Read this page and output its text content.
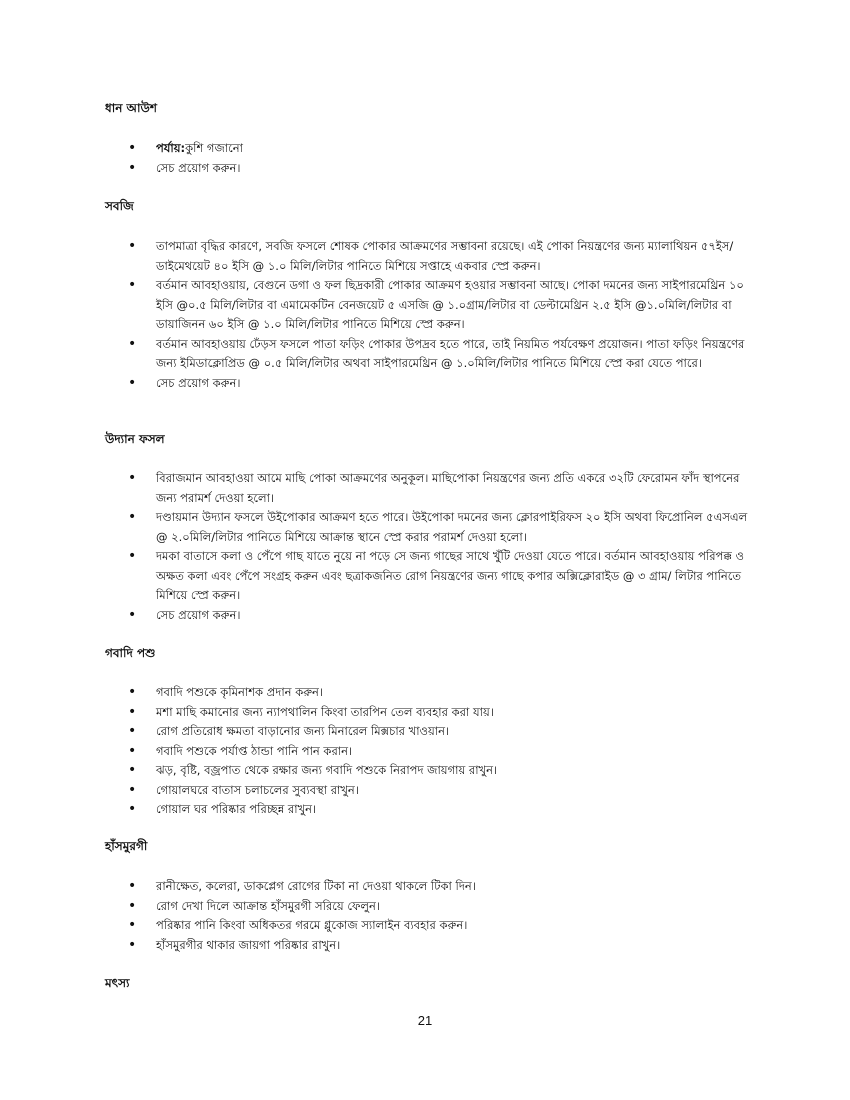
ধান আউশ
• পর্যায়:কুশি গজানো
• সেচ প্রয়োগ করুন।
সবজি
• তাপমাত্রা বৃদ্ধির কারণে, সবজি ফসলে শোষক পোকার আক্রমণের সম্ভাবনা রয়েছে। এই পোকা নিয়ন্ত্রণের জন্য ম্যালাথিয়ন ৫৭ইস/ডাইমেথয়েট ৪০ ইসি @ ১.০ মিলি/লিটার পানিতে মিশিয়ে সপ্তাহে একবার স্প্রে করুন।
• বর্তমান আবহাওয়ায়, বেগুনে ডগা ও ফল ছিদ্রকারী পোকার আক্রমণ হওয়ার সম্ভাবনা আছে। পোকা দমনের জন্য সাইপারমেথ্রিন ১০ ইসি @০.৫ মিলি/লিটার বা এমামেকটিন বেনজয়েট ৫ এসজি @ ১.০গ্রাম/লিটার বা ডেল্টামেথ্রিন ২.৫ ইসি @১.০মিলি/লিটার বা ডায়াজিনন ৬০ ইসি @ ১.০ মিলি/লিটার পানিতে মিশিয়ে স্প্রে করুন।
• বর্তমান আবহাওয়ায় ঢেঁড়স ফসলে পাতা ফড়িং পোকার উপদ্রব হতে পারে, তাই নিয়মিত পর্যবেক্ষণ প্রয়োজন। পাতা ফড়িং নিয়ন্ত্রণের জন্য ইমিডাক্লোপ্রিড @ ০.৫ মিলি/লিটার অথবা সাইপারমেথ্রিন @ ১.০মিলি/লিটার পানিতে মিশিয়ে স্প্রে করা যেতে পারে।
• সেচ প্রয়োগ করুন।
উদ্যান ফসল
• বিরাজমান আবহাওয়া আমে মাছি পোকা আক্রমণের অনুকূল। মাছিপোকা নিয়ন্ত্রণের জন্য প্রতি একরে ৩২টি ফেরোমন ফাঁদ স্থাপনের জন্য পরামর্শ দেওয়া হলো।
• দণ্ডায়মান উদ্যান ফসলে উইপোকার আক্রমণ হতে পারে। উইপোকা দমনের জন্য ক্লোরপাইরিফস ২০ ইসি অথবা ফিপ্রোনিল ৫এসএল @ ২.০মিলি/লিটার পানিতে মিশিয়ে আক্রান্ত স্থানে স্প্রে করার পরামর্শ দেওয়া হলো।
• দমকা বাতাসে কলা ও পেঁপে গাছ যাতে নুয়ে না পড়ে সে জন্য গাছের সাথে খুঁটি দেওয়া যেতে পারে। বর্তমান আবহাওয়ায় পরিপক্ক ও অক্ষত কলা এবং পেঁপে সংগ্রহ করুন এবং ছত্রাকজনিত রোগ নিয়ন্ত্রণের জন্য গাছে কপার অক্সিক্লোরাইড @ ৩ গ্রাম/ লিটার পানিতে মিশিয়ে স্প্রে করুন।
• সেচ প্রয়োগ করুন।
গবাদি পশু
• গবাদি পশুকে কৃমিনাশক প্রদান করুন।
• মশা মাছি কমানোর জন্য ন্যাপথালিন কিংবা তারপিন তেল ব্যবহার করা যায়।
• রোগ প্রতিরোধ ক্ষমতা বাড়ানোর জন্য মিনারেল মিক্সচার খাওয়ান।
• গবাদি পশুকে পর্যাপ্ত ঠান্ডা পানি পান করান।
• ঝড়, বৃষ্টি, বজ্রপাত থেকে রক্ষার জন্য গবাদি পশুকে নিরাপদ জায়গায় রাখুন।
• গোয়ালঘরে বাতাস চলাচলের সুব্যবস্থা রাখুন।
• গোয়াল ঘর পরিষ্কার পরিচ্ছন্ন রাখুন।
হাঁসমুরগী
• রানীক্ষেত, কলেরা, ডাকপ্লেগ রোগের টিকা না দেওয়া থাকলে টিকা দিন।
• রোগ দেখা দিলে আক্রান্ত হাঁসমুরগী সরিয়ে ফেলুন।
• পরিষ্কার পানি কিংবা অধিকতর গরমে গ্লুকোজ স্যালাইন ব্যবহার করুন।
• হাঁসমুরগীর থাকার জায়গা পরিষ্কার রাখুন।
মৎস্য
21
